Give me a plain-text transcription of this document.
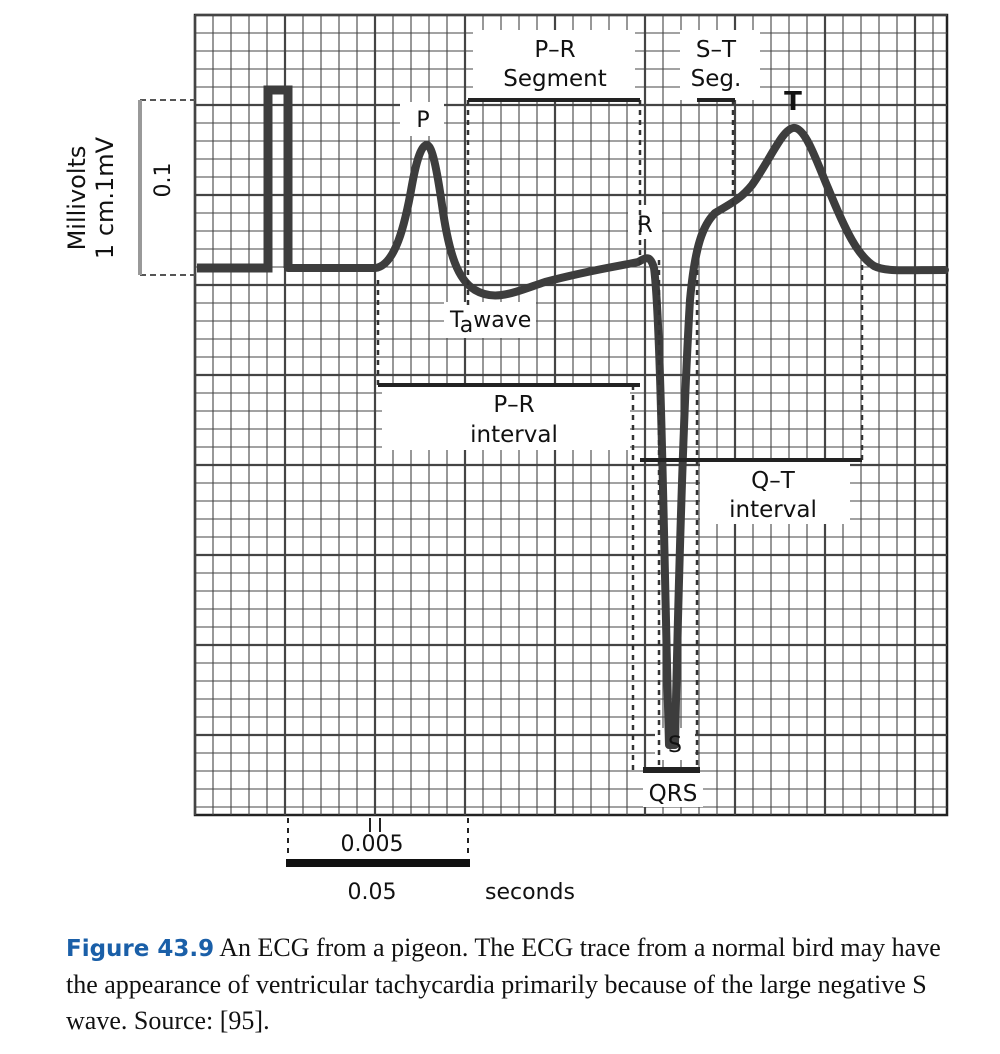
Millivolts 1 cm.1mV 0.1
P
R
S
T
Tawave
P–R
Segment
S–T
Seg.
P–R
interval
Q–T
interval
QRS
0.005
0.05	seconds
Figure 43.9 An ECG from a pigeon. The ECG trace from a normal bird may have the appearance of ventricular tachycardia primarily because of the large negative S wave. Source: [95].
